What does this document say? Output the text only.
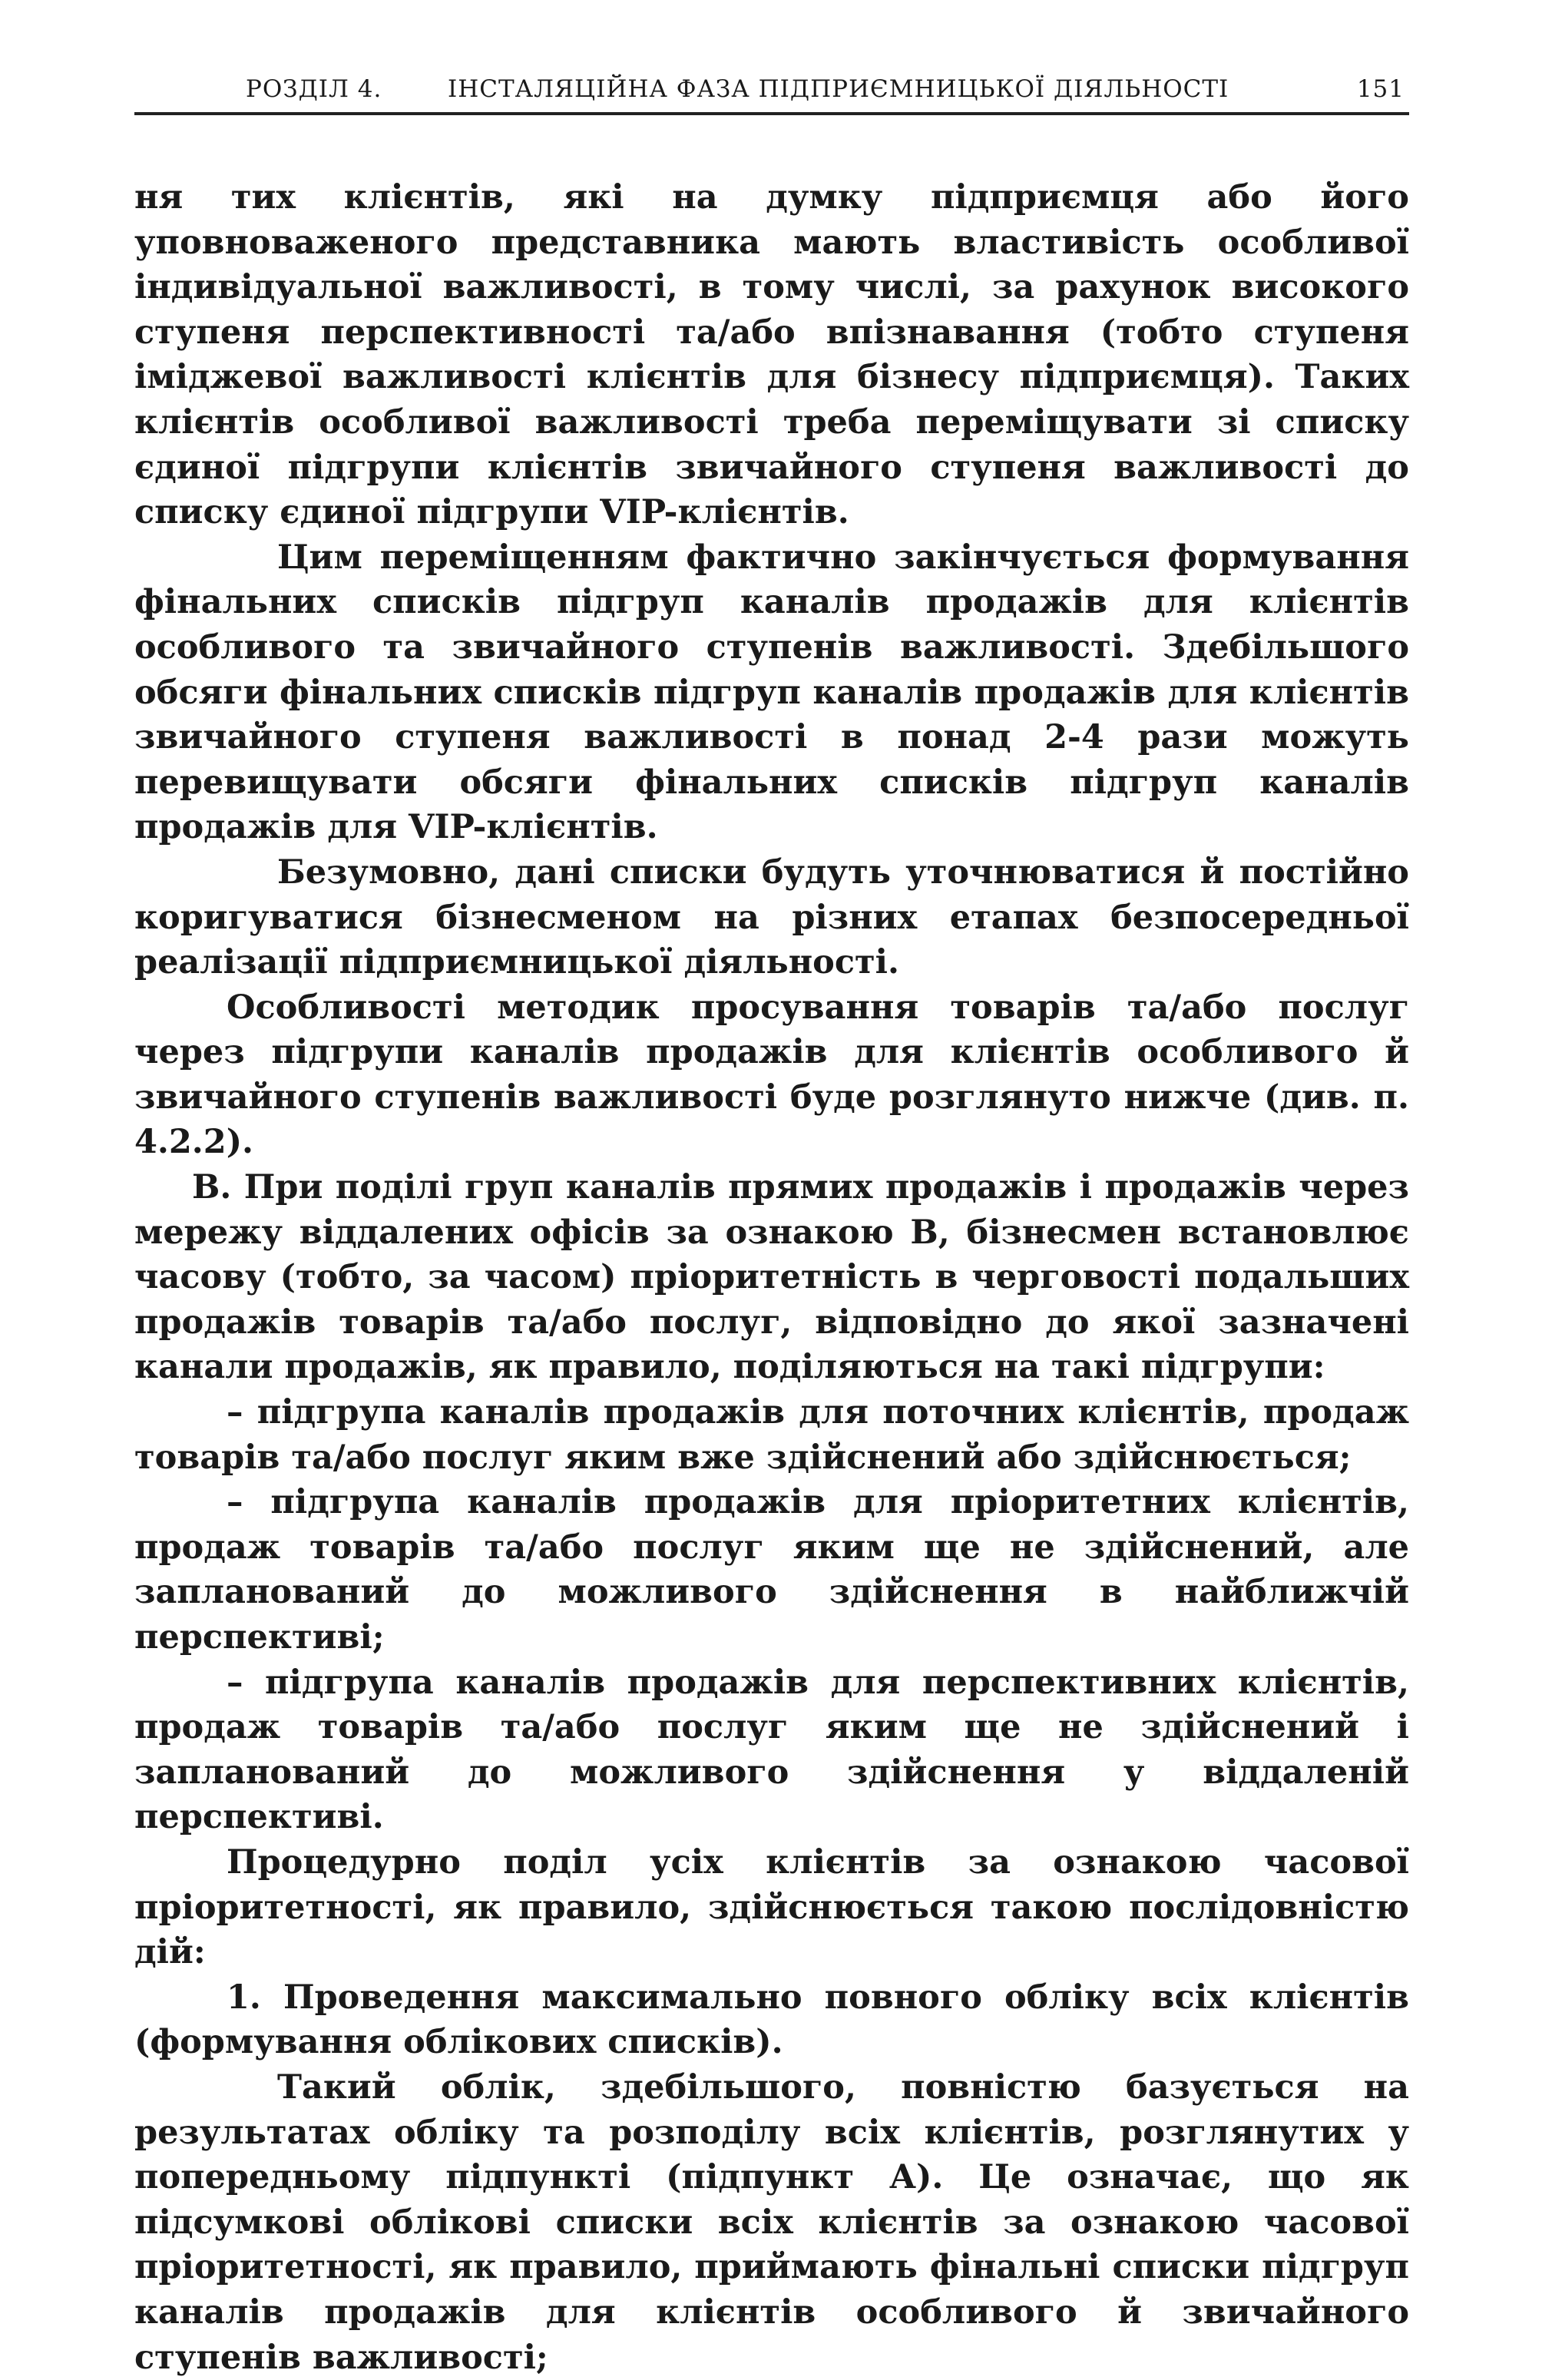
РОЗДІЛ 4.	ІНСТАЛЯЦІЙНА ФАЗА ПІДПРИЄМНИЦЬКОЇ ДІЯЛЬНОСТІ	151

ня тих клієнтів, які на думку підприємця або його уповноваженого представника мають властивість особливої індивідуальної важливості, в тому числі, за рахунок високого ступеня перспективності та/або впізнавання (тобто ступеня іміджевої важливості клієнтів для бізнесу підприємця). Таких клієнтів особливої важливості треба переміщувати зі списку єдиної підгрупи клієнтів звичайного ступеня важливості до списку єдиної підгрупи VIP-клієнтів.

Цим переміщенням фактично закінчується формування фінальних списків підгруп каналів продажів для клієнтів особливого та звичайного ступенів важливості. Здебільшого обсяги фінальних списків підгруп каналів продажів для клієнтів звичайного ступеня важливості в понад 2-4 рази можуть перевищувати обсяги фінальних списків підгруп каналів продажів для VIP-клієнтів.

Безумовно, дані списки будуть уточнюватися й постійно коригуватися бізнесменом на різних етапах безпосередньої реалізації підприємницької діяльності.

Особливості методик просування товарів та/або послуг через підгрупи каналів продажів для клієнтів особливого й звичайного ступенів важливості буде розглянуто нижче (див. п. 4.2.2).

В. При поділі груп каналів прямих продажів і продажів через мережу віддалених офісів за ознакою В, бізнесмен встановлює часову (тобто, за часом) пріоритетність в черговості подальших продажів товарів та/або послуг, відповідно до якої зазначені канали продажів, як правило, поділяються на такі підгрупи:

– підгрупа каналів продажів для поточних клієнтів, продаж товарів та/або послуг яким вже здійснений або здійснюється;

– підгрупа каналів продажів для пріоритетних клієнтів, продаж товарів та/або послуг яким ще не здійснений, але запланований до можливого здійснення в найближчій перспективі;

– підгрупа каналів продажів для перспективних клієнтів, продаж товарів та/або послуг яким ще не здійснений і запланований до можливого здійснення у віддаленій перспективі.

Процедурно поділ усіх клієнтів за ознакою часової пріоритетності, як правило, здійснюється такою послідовністю дій:

1. Проведення максимально повного обліку всіх клієнтів (формування облікових списків).

Такий облік, здебільшого, повністю базується на результатах обліку та розподілу всіх клієнтів, розглянутих у попередньому підпункті (підпункт А). Це означає, що як підсумкові облікові списки всіх клієнтів за ознакою часової пріоритетності, як правило, приймають фінальні списки підгруп каналів продажів для клієнтів особливого й звичайного ступенів важливості;
